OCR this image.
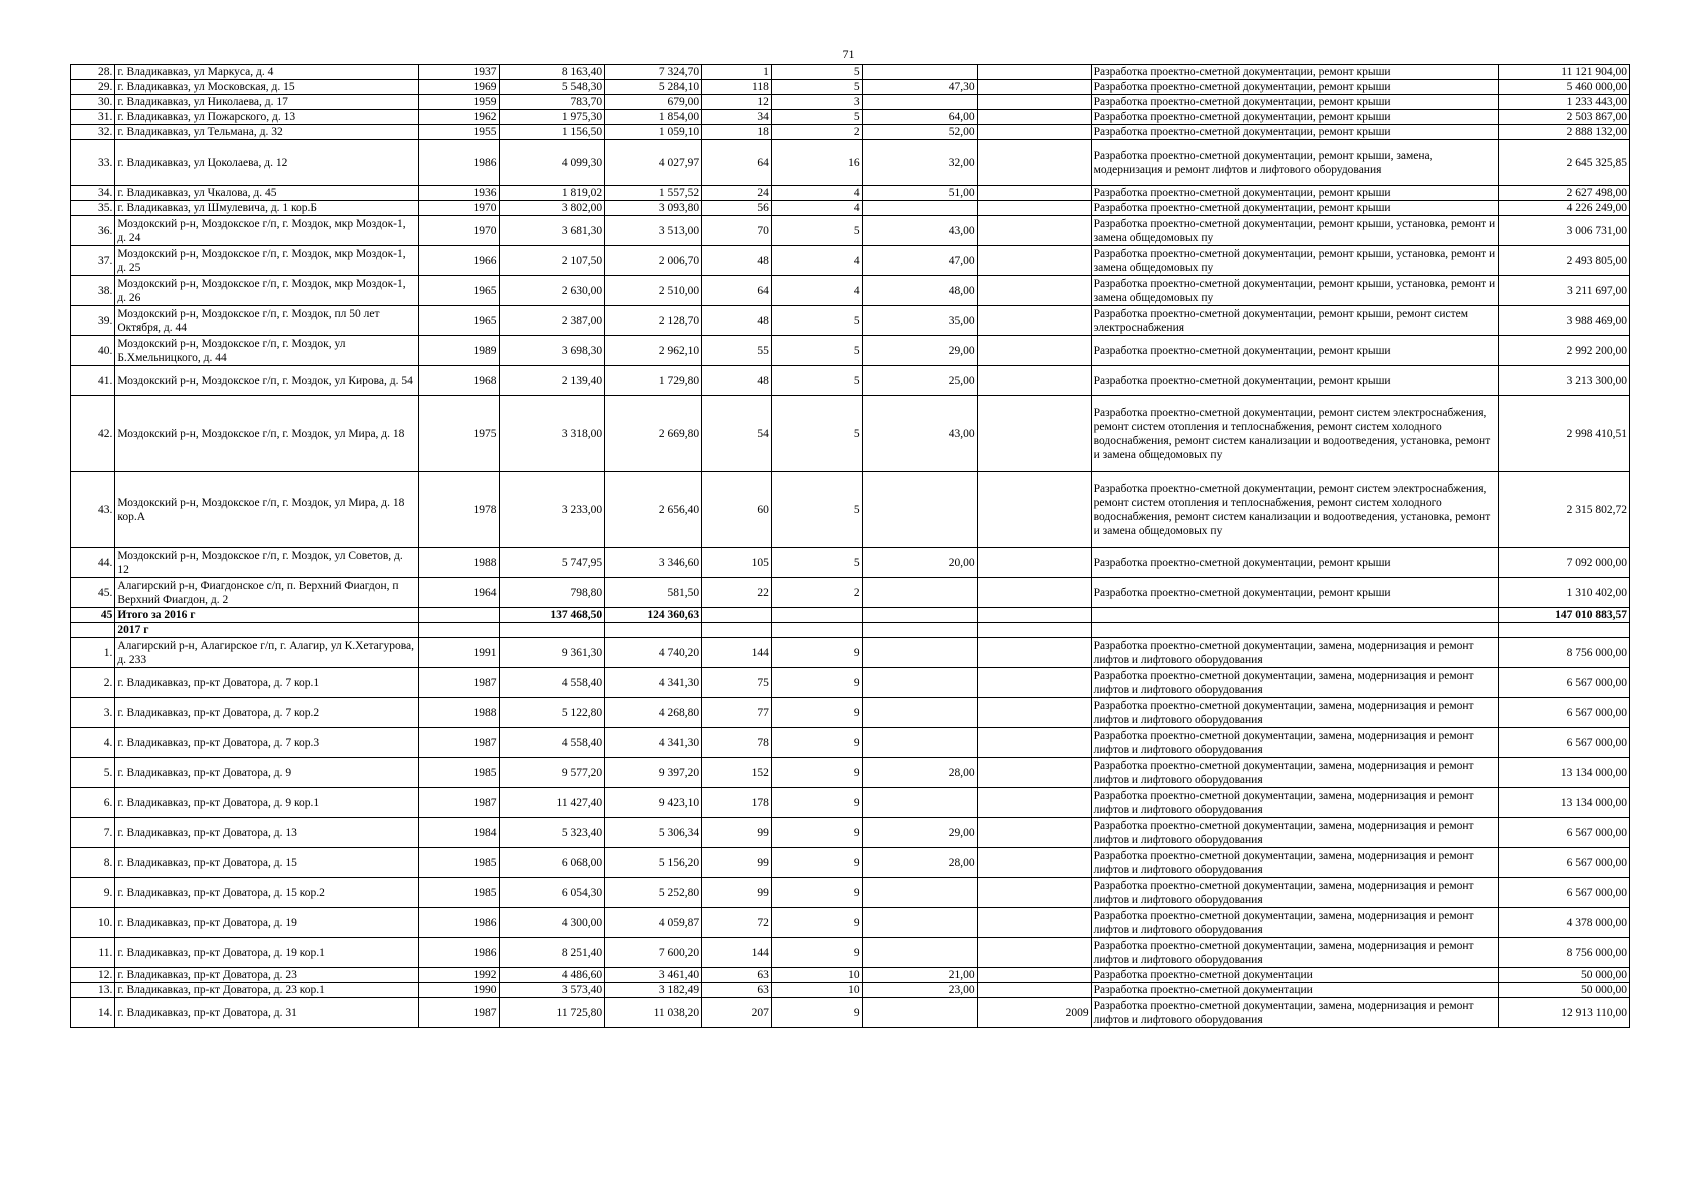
71
28.	г. Владикавказ, ул Маркуса, д. 4	1937	8 163,40	7 324,70	1	5			Разработка проектно-сметной документации, ремонт крыши	11 121 904,00
29.	г. Владикавказ, ул Московская, д. 15	1969	5 548,30	5 284,10	118	5	47,30		Разработка проектно-сметной документации, ремонт крыши	5 460 000,00
30.	г. Владикавказ, ул Николаева, д. 17	1959	783,70	679,00	12	3			Разработка проектно-сметной документации, ремонт крыши	1 233 443,00
31.	г. Владикавказ, ул Пожарского, д. 13	1962	1 975,30	1 854,00	34	5	64,00		Разработка проектно-сметной документации, ремонт крыши	2 503 867,00
32.	г. Владикавказ, ул Тельмана, д. 32	1955	1 156,50	1 059,10	18	2	52,00		Разработка проектно-сметной документации, ремонт крыши	2 888 132,00
33.	г. Владикавказ, ул Цоколаева, д. 12	1986	4 099,30	4 027,97	64	16	32,00		Разработка проектно-сметной документации, ремонт крыши, замена, модернизация и ремонт лифтов и лифтового оборудования	2 645 325,85
34.	г. Владикавказ, ул Чкалова, д. 45	1936	1 819,02	1 557,52	24	4	51,00		Разработка проектно-сметной документации, ремонт крыши	2 627 498,00
35.	г. Владикавказ, ул Шмулевича, д. 1 кор.Б	1970	3 802,00	3 093,80	56	4			Разработка проектно-сметной документации, ремонт крыши	4 226 249,00
36.	Моздокский р-н, Моздокское г/п, г. Моздок, мкр Моздок-1, д. 24	1970	3 681,30	3 513,00	70	5	43,00		Разработка проектно-сметной документации, ремонт крыши, установка, ремонт и замена общедомовых пу	3 006 731,00
37.	Моздокский р-н, Моздокское г/п, г. Моздок, мкр Моздок-1, д. 25	1966	2 107,50	2 006,70	48	4	47,00		Разработка проектно-сметной документации, ремонт крыши, установка, ремонт и замена общедомовых пу	2 493 805,00
38.	Моздокский р-н, Моздокское г/п, г. Моздок, мкр Моздок-1, д. 26	1965	2 630,00	2 510,00	64	4	48,00		Разработка проектно-сметной документации, ремонт крыши, установка, ремонт и замена общедомовых пу	3 211 697,00
39.	Моздокский р-н, Моздокское г/п, г. Моздок, пл 50 лет Октября, д. 44	1965	2 387,00	2 128,70	48	5	35,00		Разработка проектно-сметной документации, ремонт крыши, ремонт систем электроснабжения	3 988 469,00
40.	Моздокский р-н, Моздокское г/п, г. Моздок, ул Б.Хмельницкого, д. 44	1989	3 698,30	2 962,10	55	5	29,00		Разработка проектно-сметной документации, ремонт крыши	2 992 200,00
41.	Моздокский р-н, Моздокское г/п, г. Моздок, ул Кирова, д. 54	1968	2 139,40	1 729,80	48	5	25,00		Разработка проектно-сметной документации, ремонт крыши	3 213 300,00
42.	Моздокский р-н, Моздокское г/п, г. Моздок, ул Мира, д. 18	1975	3 318,00	2 669,80	54	5	43,00		Разработка проектно-сметной документации, ремонт систем электроснабжения, ремонт систем отопления и теплоснабжения, ремонт систем холодного водоснабжения, ремонт систем канализации и водоотведения, установка, ремонт и замена общедомовых пу	2 998 410,51
43.	Моздокский р-н, Моздокское г/п, г. Моздок, ул Мира, д. 18 кор.А	1978	3 233,00	2 656,40	60	5			Разработка проектно-сметной документации, ремонт систем электроснабжения, ремонт систем отопления и теплоснабжения, ремонт систем холодного водоснабжения, ремонт систем канализации и водоотведения, установка, ремонт и замена общедомовых пу	2 315 802,72
44.	Моздокский р-н, Моздокское г/п, г. Моздок, ул Советов, д. 12	1988	5 747,95	3 346,60	105	5	20,00		Разработка проектно-сметной документации, ремонт крыши	7 092 000,00
45.	Алагирский р-н, Фиагдонское с/п, п. Верхний Фиагдон, п Верхний Фиагдон, д. 2	1964	798,80	581,50	22	2			Разработка проектно-сметной документации, ремонт крыши	1 310 402,00
45	Итого за 2016 г		137 468,50	124 360,63						147 010 883,57
	2017 г									
1.	Алагирский р-н, Алагирское г/п, г. Алагир, ул К.Хетагурова, д. 233	1991	9 361,30	4 740,20	144	9			Разработка проектно-сметной документации, замена, модернизация и ремонт лифтов и лифтового оборудования	8 756 000,00
2.	г. Владикавказ, пр-кт Доватора, д. 7 кор.1	1987	4 558,40	4 341,30	75	9			Разработка проектно-сметной документации, замена, модернизация и ремонт лифтов и лифтового оборудования	6 567 000,00
3.	г. Владикавказ, пр-кт Доватора, д. 7 кор.2	1988	5 122,80	4 268,80	77	9			Разработка проектно-сметной документации, замена, модернизация и ремонт лифтов и лифтового оборудования	6 567 000,00
4.	г. Владикавказ, пр-кт Доватора, д. 7 кор.3	1987	4 558,40	4 341,30	78	9			Разработка проектно-сметной документации, замена, модернизация и ремонт лифтов и лифтового оборудования	6 567 000,00
5.	г. Владикавказ, пр-кт Доватора, д. 9	1985	9 577,20	9 397,20	152	9	28,00		Разработка проектно-сметной документации, замена, модернизация и ремонт лифтов и лифтового оборудования	13 134 000,00
6.	г. Владикавказ, пр-кт Доватора, д. 9 кор.1	1987	11 427,40	9 423,10	178	9			Разработка проектно-сметной документации, замена, модернизация и ремонт лифтов и лифтового оборудования	13 134 000,00
7.	г. Владикавказ, пр-кт Доватора, д. 13	1984	5 323,40	5 306,34	99	9	29,00		Разработка проектно-сметной документации, замена, модернизация и ремонт лифтов и лифтового оборудования	6 567 000,00
8.	г. Владикавказ, пр-кт Доватора, д. 15	1985	6 068,00	5 156,20	99	9	28,00		Разработка проектно-сметной документации, замена, модернизация и ремонт лифтов и лифтового оборудования	6 567 000,00
9.	г. Владикавказ, пр-кт Доватора, д. 15 кор.2	1985	6 054,30	5 252,80	99	9			Разработка проектно-сметной документации, замена, модернизация и ремонт лифтов и лифтового оборудования	6 567 000,00
10.	г. Владикавказ, пр-кт Доватора, д. 19	1986	4 300,00	4 059,87	72	9			Разработка проектно-сметной документации, замена, модернизация и ремонт лифтов и лифтового оборудования	4 378 000,00
11.	г. Владикавказ, пр-кт Доватора, д. 19 кор.1	1986	8 251,40	7 600,20	144	9			Разработка проектно-сметной документации, замена, модернизация и ремонт лифтов и лифтового оборудования	8 756 000,00
12.	г. Владикавказ, пр-кт Доватора, д. 23	1992	4 486,60	3 461,40	63	10	21,00		Разработка проектно-сметной документации	50 000,00
13.	г. Владикавказ, пр-кт Доватора, д. 23 кор.1	1990	3 573,40	3 182,49	63	10	23,00		Разработка проектно-сметной документации	50 000,00
14.	г. Владикавказ, пр-кт Доватора, д. 31	1987	11 725,80	11 038,20	207	9		2009	Разработка проектно-сметной документации, замена, модернизация и ремонт лифтов и лифтового оборудования	12 913 110,00
